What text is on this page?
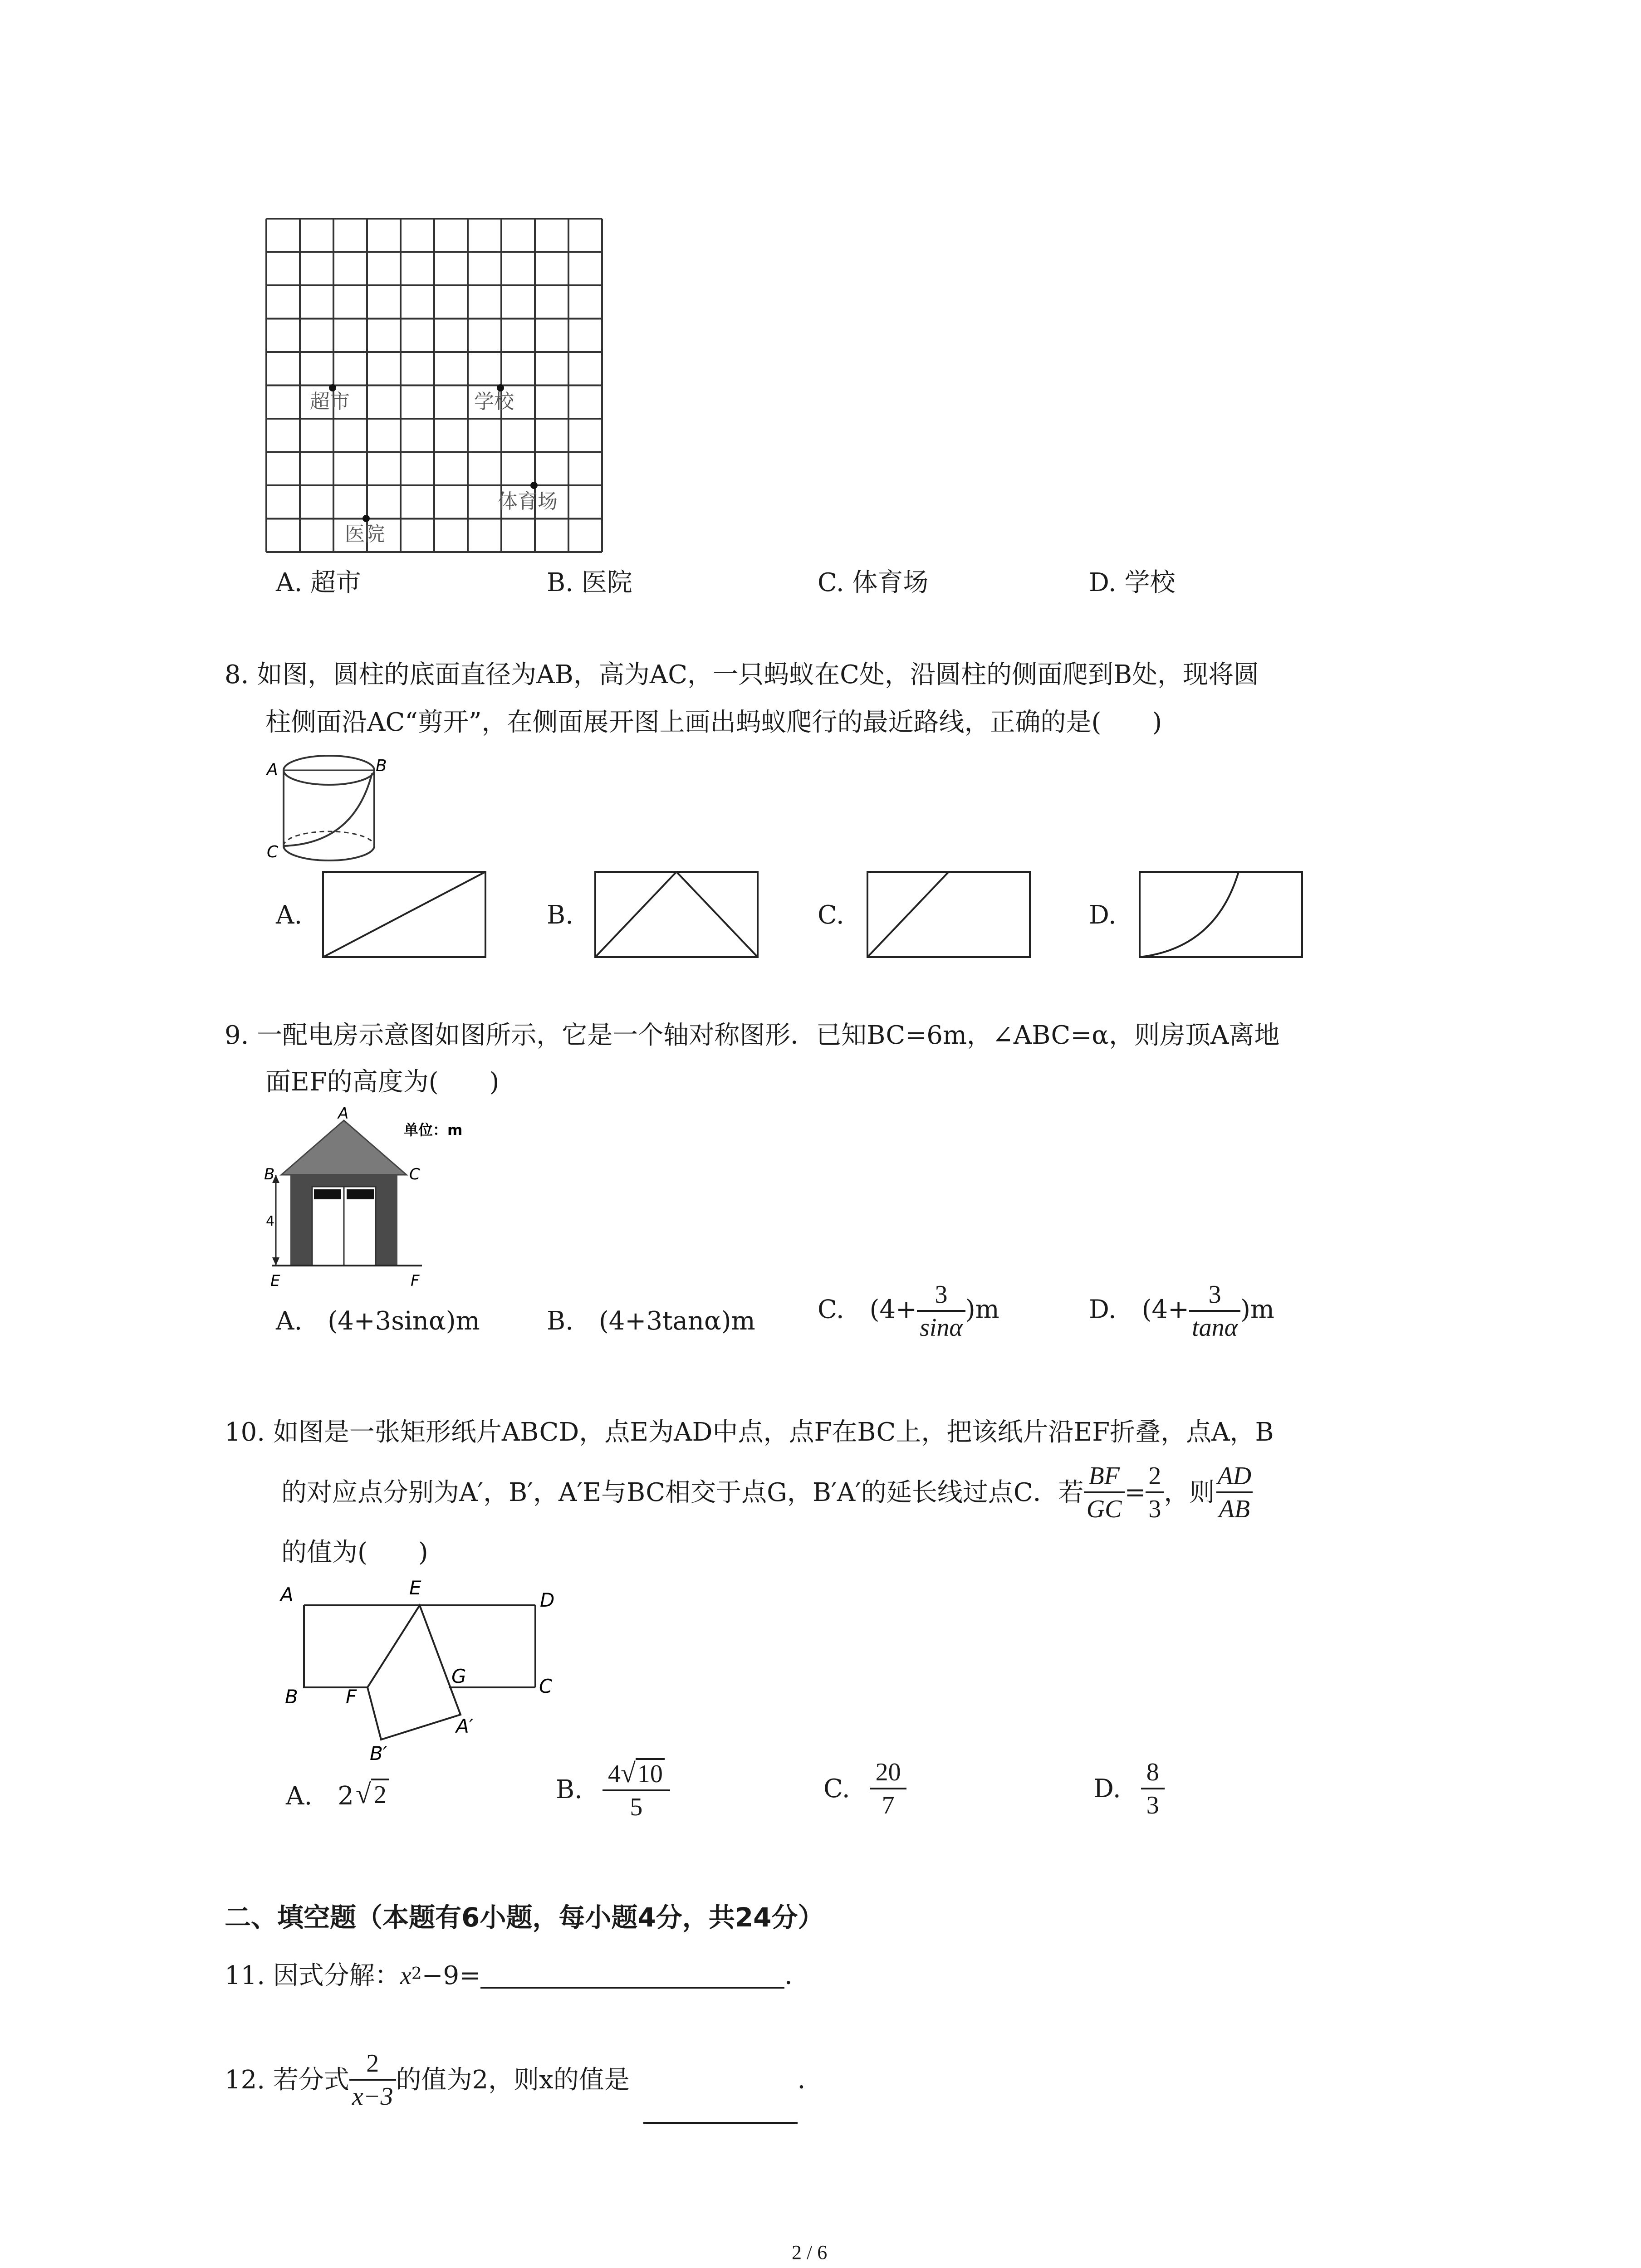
超市	学校
体育场
医院
A. 超市	B. 医院	C. 体育场	D. 学校
8. 如图，圆柱的底面直径为AB，高为AC，一只蚂蚁在C处，沿圆柱的侧面爬到B处，现将圆
柱侧面沿AC“剪开”，在侧面展开图上画出蚂蚁爬行的最近路线，正确的是(　　)
A	B
C
A.	B.	C.	D.
9. 一配电房示意图如图所示，它是一个轴对称图形．已知BC=6m，∠ABC=α，则房顶A离地
面EF的高度为(　　)
4
A
B	C
E	F
单位：m
A.　(4+3sinα)m	B.　(4+3tanα)m C.　$(4+ \frac{3}{\sin\alpha} )m$	D.　$(4+ \frac{3}{\tan\alpha} )m$
10. 如图是一张矩形纸片ABCD，点E为AD中点，点F在BC上，把该纸片沿EF折叠，点A，B
的对应点分别为A′，B′，A′E与BC相交于点G，B′A′的延长线过点C．若 $\frac{BF}{GC} = \frac{2}{3}$ ，则 $\frac{AD}{AB}$
的值为(　　)
A	E
D
B	F
G	C
A′
B′
A.　2 √ 2	B. $\frac{4√10}{5}$	C. $\frac{20}{7}$	D. $\frac{8}{3}$
二、填空题（本题有6小题，每小题4分，共24分）
11. 因式分解： $x^2 -9=$	．
12. 若分式 $\frac{2}{x-3}$ 的值为2，则x的值是	．
2 / 6
